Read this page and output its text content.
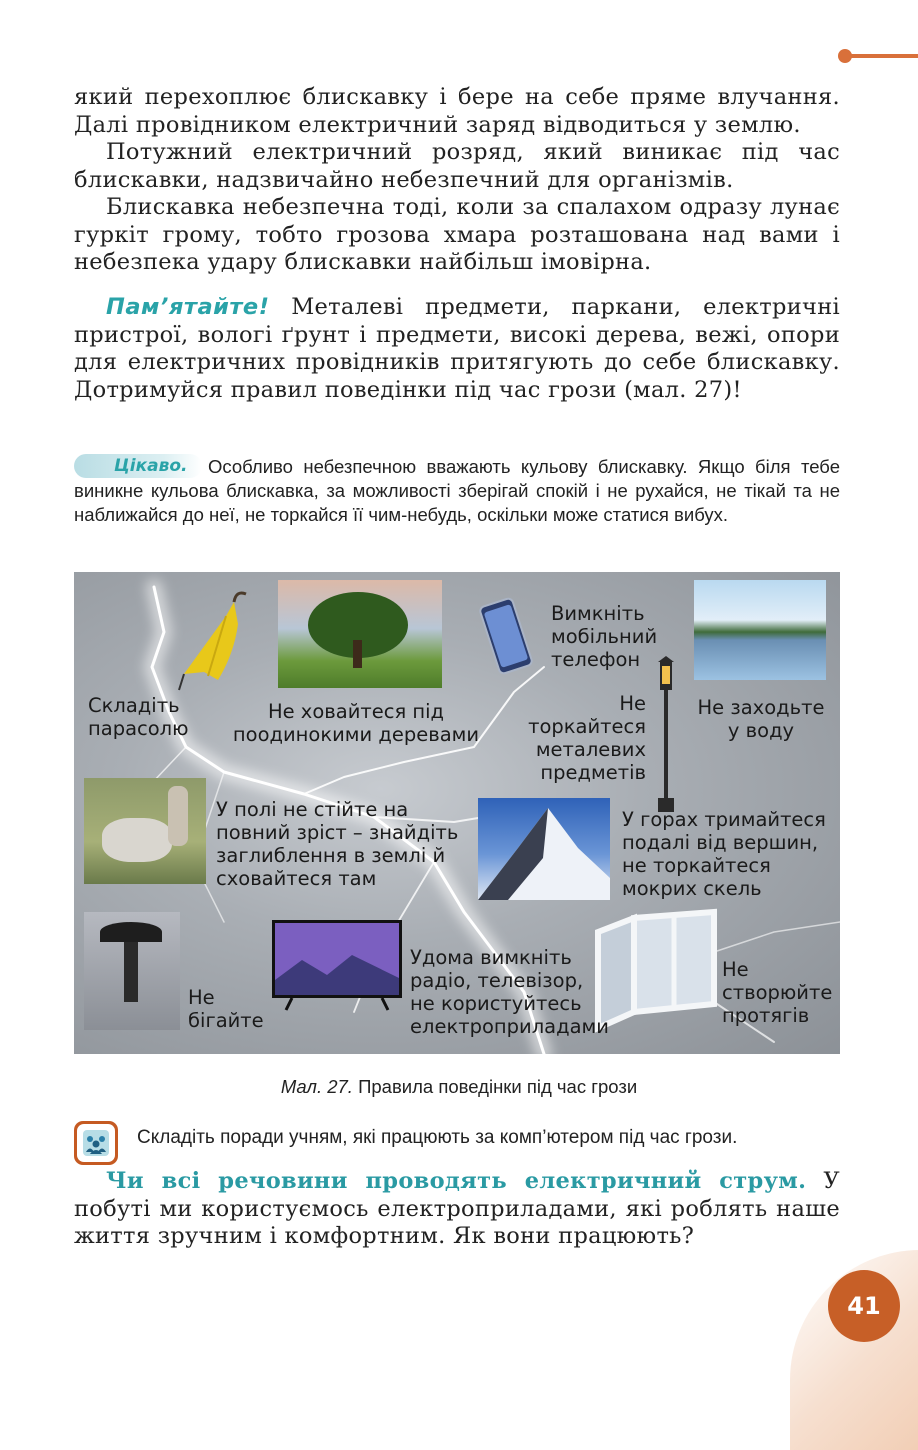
який перехоплює блискавку і бере на себе пряме влучання.
Далі провідником електричний заряд відводиться у землю.
Потужний електричний розряд, який виникає під час блискавки, надзвичайно небезпечний для організмів.
Блискавка небезпечна тоді, коли за спалахом одразу лунає гуркіт грому, тобто грозова хмара розташована над вами і небезпека удару блискавки найбільш імовірна.
Пам’ятайте! Металеві предмети, паркани, електричні пристрої, вологі ґрунт і предмети, високі дерева, вежі, опори для електричних провідників притягують до себе блискавку. Дотримуйся правил поведінки під час грози (мал. 27)!
Цікаво. Особливо небезпечною вважають кульову блискавку. Якщо біля тебе виникне кульова блискавка, за можливості зберігай спокій і не рухайся, не тікай та не наближайся до неї, не торкайся її чим-небудь, оскільки може статися вибух.
Складіть
парасолю
Не ховайтеся під
поодинокими деревами
Вимкніть
мобільний
телефон
Не
торкайтеся
металевих
предметів
Не заходьте
у воду
У полі не стійте на
повний зріст – знайдіть
заглиблення в землі й
сховайтеся там
У горах тримайтеся
подалі від вершин,
не торкайтеся
мокрих скель
Не
бігайте
Удома вимкніть
радіо, телевізор,
не користуйтесь
електроприладами
Не
створюйте
протягів
Мал. 27. Правила поведінки під час грози
Складіть поради учням, які працюють за комп’ютером під час грози.
Чи всі речовини проводять електричний струм. У побуті ми користуємось електроприладами, які роблять наше життя зручним і комфортним. Як вони працюють?
41
